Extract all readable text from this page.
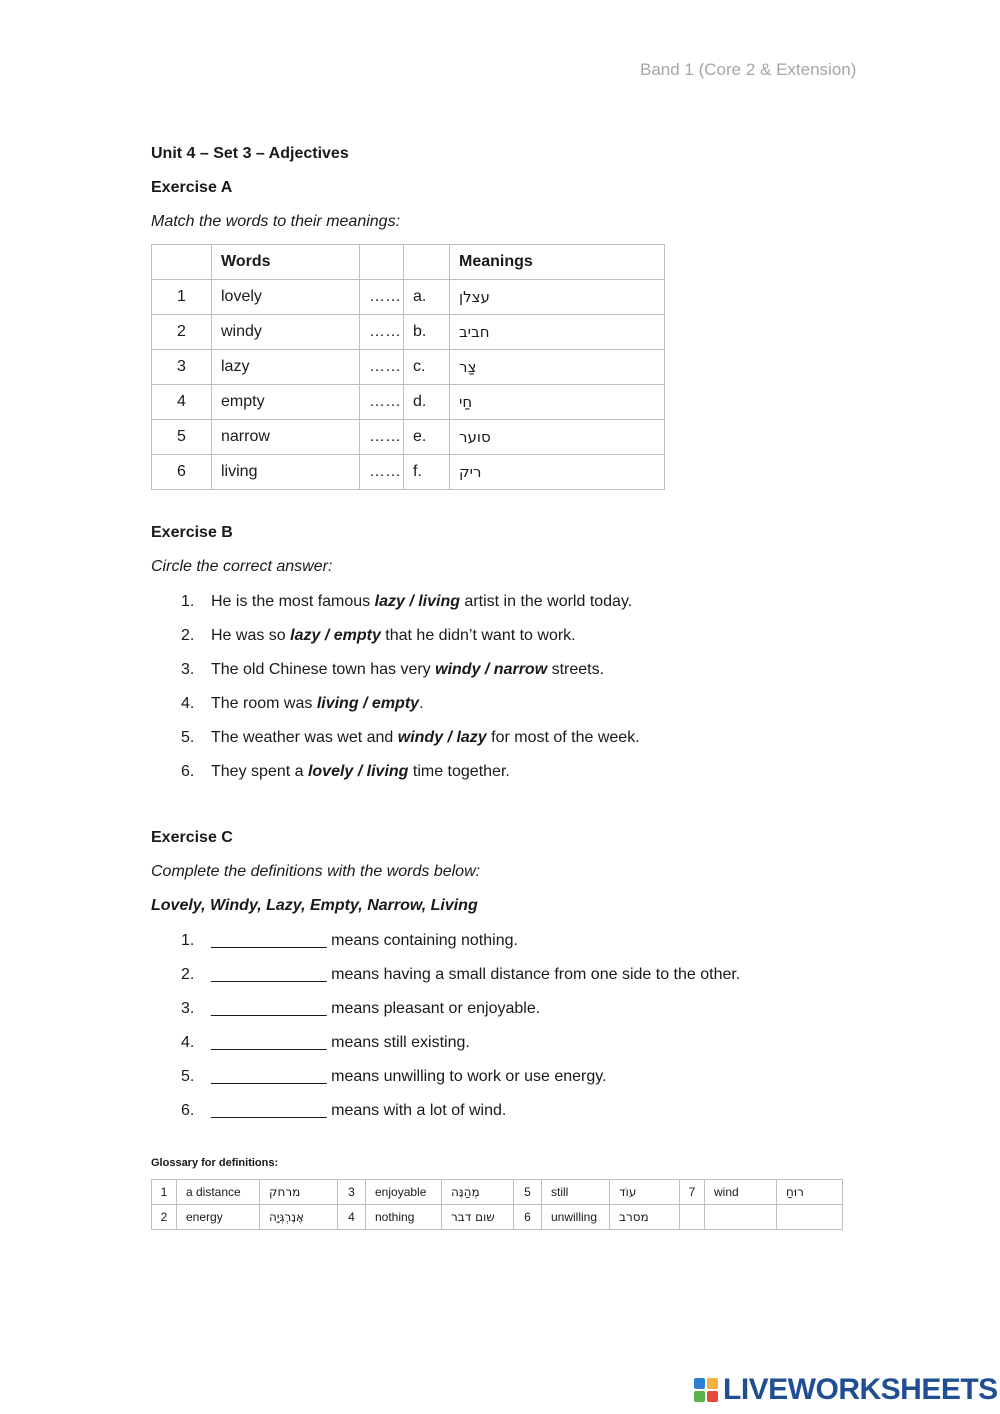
Band 1 (Core 2 & Extension)
Unit 4 – Set 3 – Adjectives
Exercise A
Match the words to their meanings:
	Words			Meanings
1	lovely	……	a.	עצלן
2	windy	……	b.	חביב
3	lazy	……	c.	צַר
4	empty	……	d.	חַי
5	narrow	……	e.	סוער
6	living	……	f.	ריק
Exercise B
Circle the correct answer:
1. He is the most famous lazy / living artist in the world today.
2. He was so lazy / empty that he didn’t want to work.
3. The old Chinese town has very windy / narrow streets.
4. The room was living / empty.
5. The weather was wet and windy / lazy for most of the week.
6. They spent a lovely / living time together.
Exercise C
Complete the definitions with the words below:
Lovely, Windy, Lazy, Empty, Narrow, Living
1. _____________ means containing nothing.
2. _____________ means having a small distance from one side to the other.
3. _____________ means pleasant or enjoyable.
4. _____________ means still existing.
5. _____________ means unwilling to work or use energy.
6. _____________ means with a lot of wind.
Glossary for definitions:
1	a distance	מרחק	3	enjoyable	מְהַנֶּה	5	still	עוֹד	7	wind	רוּחַ
2	energy	אֶנֶרְגְּיָה	4	nothing	שום דבר	6	unwilling	מסרב			

LIVEWORKSHEETS
